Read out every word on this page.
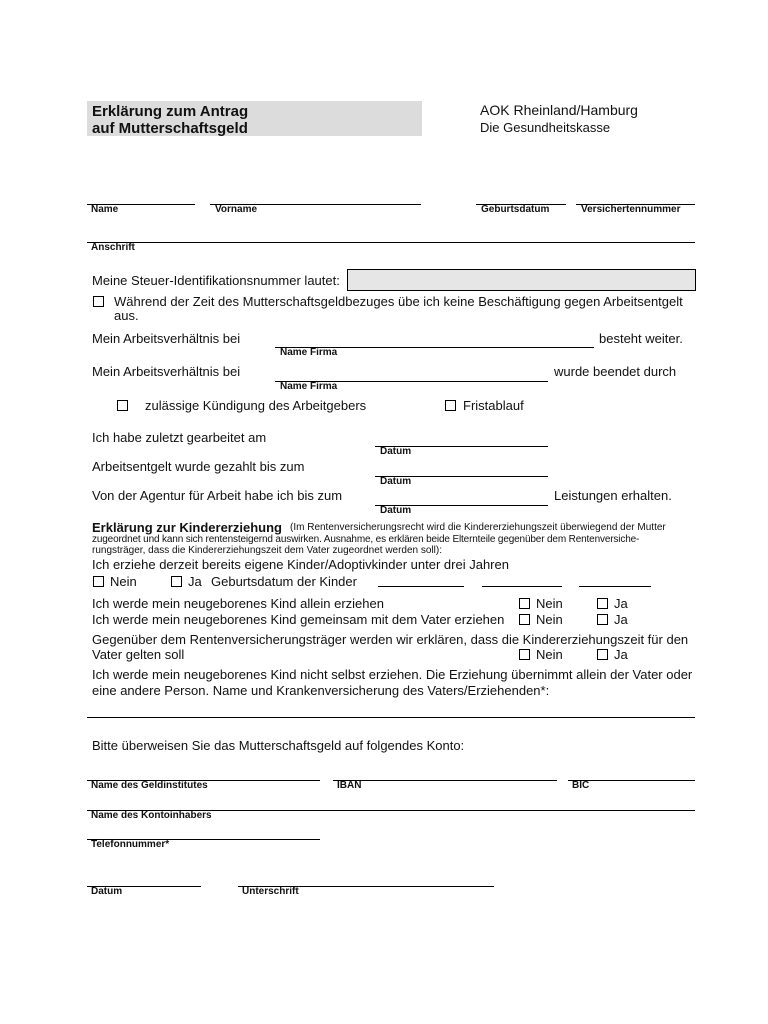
Erklärung zum Antrag
auf Mutterschaftsgeld
AOK Rheinland/Hamburg
Die Gesundheitskasse
Name	Vorname	Geburtsdatum	Versichertennummer
Anschrift
Meine Steuer-Identifikationsnummer lautet:
Während der Zeit des Mutterschaftsgeldbezuges übe ich keine Beschäftigung gegen Arbeitsentgelt
aus.
Mein Arbeitsverhältnis bei
Name Firma
besteht weiter.
Mein Arbeitsverhältnis bei
Name Firma
wurde beendet durch
zulässige Kündigung des Arbeitgebers	Fristablauf
Ich habe zuletzt gearbeitet am
Datum
Arbeitsentgelt wurde gezahlt bis zum
Datum
Von der Agentur für Arbeit habe ich bis zum
Datum
Leistungen erhalten.
Erklärung zur Kindererziehung (Im Rentenversicherungsrecht wird die Kindererziehungszeit überwiegend der Mutter
zugeordnet und kann sich rentensteigernd auswirken. Ausnahme, es erklären beide Elternteile gegenüber dem Rentenversiche-
rungsträger, dass die Kindererziehungszeit dem Vater zugeordnet werden soll):
Ich erziehe derzeit bereits eigene Kinder/Adoptivkinder unter drei Jahren
Nein	Ja Geburtsdatum der Kinder
Ich werde mein neugeborenes Kind allein erziehen	Nein	Ja
Ich werde mein neugeborenes Kind gemeinsam mit dem Vater erziehen Nein	Ja
Gegenüber dem Rentenversicherungsträger werden wir erklären, dass die Kindererziehungszeit für den
Vater gelten soll	Nein	Ja
Ich werde mein neugeborenes Kind nicht selbst erziehen. Die Erziehung übernimmt allein der Vater oder
eine andere Person. Name und Krankenversicherung des Vaters/Erziehenden*:
Bitte überweisen Sie das Mutterschaftsgeld auf folgendes Konto:
Name des Geldinstitutes	IBAN	BIC
Name des Kontoinhabers
Telefonnummer*
Datum	Unterschrift
